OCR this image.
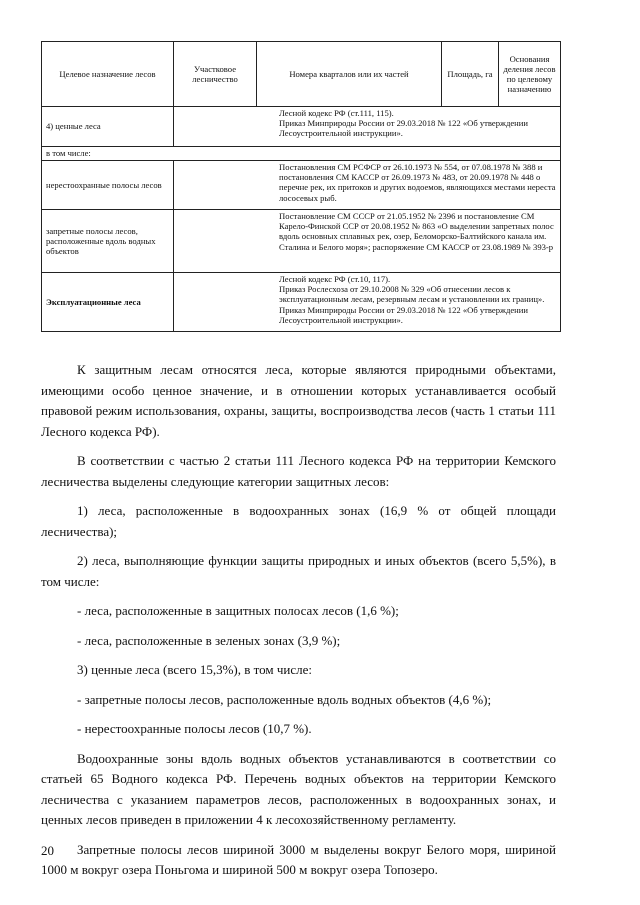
Целевое назначение лесов	Участковое лесничество	Номера кварталов или их частей	Площадь, га	Основания деления лесов по целевому назначению
4) ценные леса	Лесной кодекс РФ (ст.111, 115).
Приказ Минприроды России от 29.03.2018 № 122 «Об утверждении Лесоустроительной инструкции».			
в том числе:				
нерестоохранные полосы лесов	Постановления СМ РСФСР от 26.10.1973 № 554, от 07.08.1978 № 388 и постановления СМ КАССР от 26.09.1973 № 483, от 20.09.1978 № 448 о перечне рек, их притоков и других водоемов, являющихся местами нереста лососевых рыб.			
запретные полосы лесов, расположенные вдоль водных объектов	Постановление СМ СССР от 21.05.1952 № 2396 и постановление СМ Карело-Финской ССР от 20.08.1952 № 863 «О выделении запретных полос вдоль основных сплавных рек, озер, Беломорско-Балтийского канала им. Сталина и Белого моря»; распоряжение СМ КАССР от 23.08.1989 № 393-р			
Эксплуатационные леса	Лесной кодекс РФ (ст.10, 117).
Приказ Рослесхоза от 29.10.2008 № 329 «Об отнесении лесов к эксплуатационным лесам, резервным лесам и установлении их границ». Приказ Минприроды России от 29.03.2018 № 122 «Об утверждении Лесоустроительной инструкции».			

К защитным лесам относятся леса, которые являются природными объектами, имеющими особо ценное значение, и в отношении которых устанавливается особый правовой режим использования, охраны, защиты, воспроизводства лесов (часть 1 статьи 111 Лесного кодекса РФ).

В соответствии с частью 2 статьи 111 Лесного кодекса РФ на территории Кемского лесничества выделены следующие категории защитных лесов:

1) леса, расположенные в водоохранных зонах (16,9 % от общей площади лесничества);

2) леса, выполняющие функции защиты природных и иных объектов (всего 5,5%), в том числе:

- леса, расположенные в защитных полосах лесов (1,6 %);

- леса, расположенные в зеленых зонах (3,9 %);

3) ценные леса (всего 15,3%), в том числе:

- запретные полосы лесов, расположенные вдоль водных объектов (4,6 %);

- нерестоохранные полосы лесов (10,7 %).

Водоохранные зоны вдоль водных объектов устанавливаются в соответствии со статьей 65 Водного кодекса РФ. Перечень водных объектов на территории Кемского лесничества с указанием параметров лесов, расположенных в водоохранных зонах, и ценных лесов приведен в приложении 4 к лесохозяйственному регламенту.

Запретные полосы лесов шириной 3000 м выделены вокруг Белого моря, шириной 1000 м вокруг озера Поньгома и шириной 500 м вокруг озера Топозеро.

20
